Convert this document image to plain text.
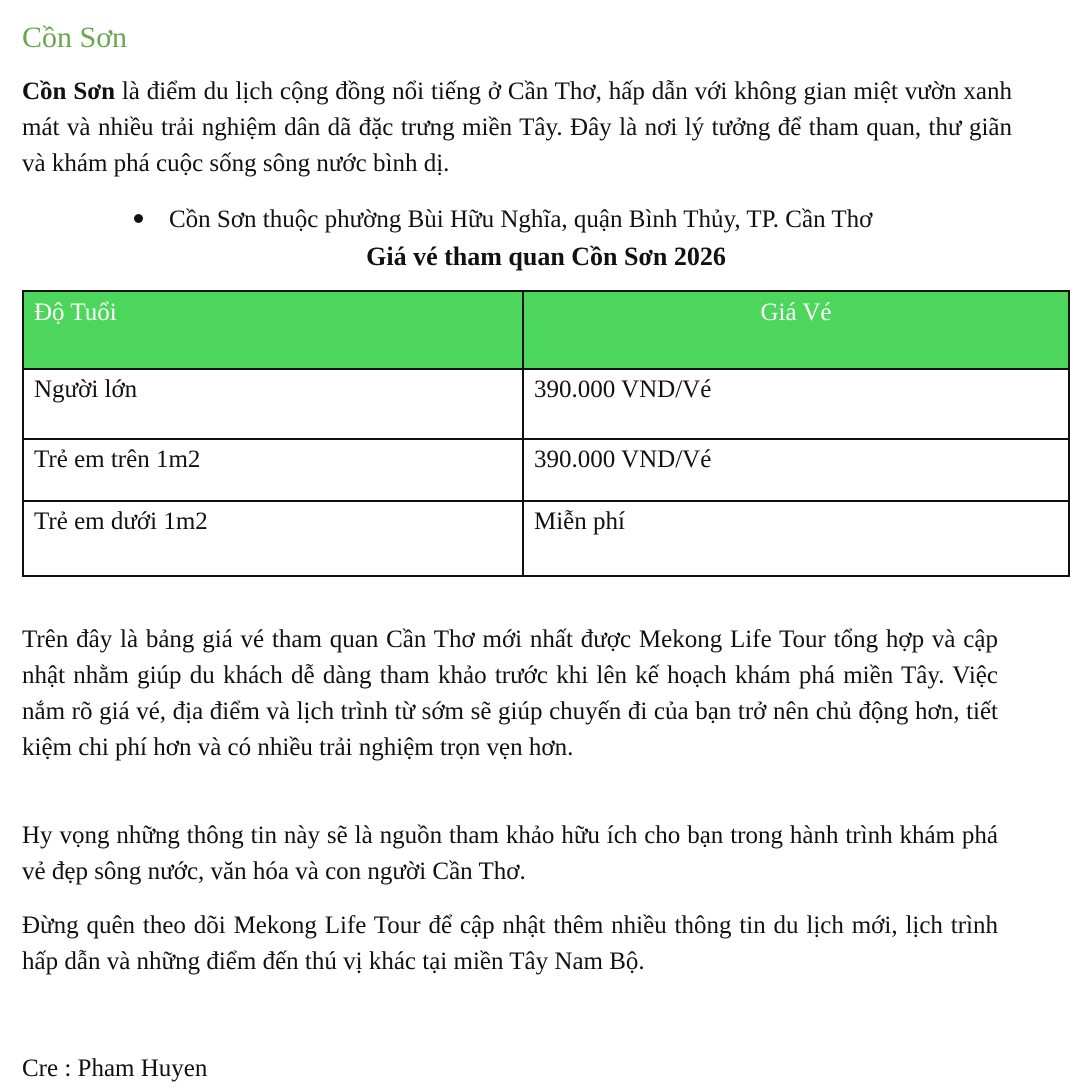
Cồn Sơn

Cồn Sơn là điểm du lịch cộng đồng nổi tiếng ở Cần Thơ, hấp dẫn với không gian miệt vườn xanh mát và nhiều trải nghiệm dân dã đặc trưng miền Tây. Đây là nơi lý tưởng để tham quan, thư giãn và khám phá cuộc sống sông nước bình dị.

Cồn Sơn thuộc phường Bùi Hữu Nghĩa, quận Bình Thủy, TP. Cần Thơ
Giá vé tham quan Cồn Sơn 2026
Độ Tuổi	Giá Vé
Người lớn	390.000 VND/Vé
Trẻ em trên 1m2	390.000 VND/Vé
Trẻ em dưới 1m2	Miễn phí

Trên đây là bảng giá vé tham quan Cần Thơ mới nhất được Mekong Life Tour tổng hợp và cập nhật nhằm giúp du khách dễ dàng tham khảo trước khi lên kế hoạch khám phá miền Tây. Việc nắm rõ giá vé, địa điểm và lịch trình từ sớm sẽ giúp chuyến đi của bạn trở nên chủ động hơn, tiết kiệm chi phí hơn và có nhiều trải nghiệm trọn vẹn hơn.

Hy vọng những thông tin này sẽ là nguồn tham khảo hữu ích cho bạn trong hành trình khám phá vẻ đẹp sông nước, văn hóa và con người Cần Thơ.

Đừng quên theo dõi Mekong Life Tour để cập nhật thêm nhiều thông tin du lịch mới, lịch trình hấp dẫn và những điểm đến thú vị khác tại miền Tây Nam Bộ.

Cre : Pham Huyen
